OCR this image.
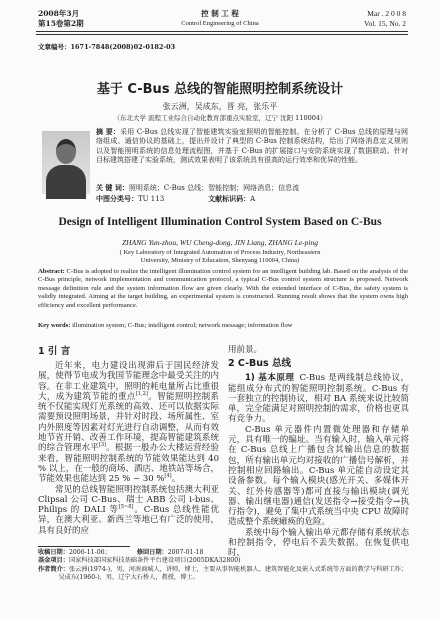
2008年3月
第15卷第2期
控 制 工 程
Control Engineering of China
Mar . 2 0 0 8
Vol. 15, No. 2
文章编号：1671-7848(2008)02-0182-03
基于 C-Bus 总线的智能照明控制系统设计
张云洲，吴成东，晋 亮，张乐平
（东北大学 流程工业综合自动化教育部重点实验室，辽宁 沈阳 110004）
摘 要：采用 C-Bus 总线实现了智能建筑实验室照明的智能控制。在分析了 C-Bus 总线的原理与网络组成、通信协议的基础上，提出并设计了典型的 C-Bus 控制系统结构，给出了网络消息定义规则以及智能照明系统的信息处理流程图，并基于 C-Bus 的扩展接口与安防系统实现了数据联动。针对目标建筑搭建了实验系统，测试效果表明了该系统具有很高的运行效率和优异的性能。
关 键 词：照明系统；C-Bus 总线；智能控制；网络消息；信息流
中图分类号：TU 113	文献标识码：A
Design of Intelligent Illumination Control System Based on C-Bus
ZHANG Yun-zhou, WU Cheng-dong, JIN Liang, ZHANG Le-ping
( Key Laboratory of Integrated Automation of Process Industry, Northeastern
University, Ministry of Education, Shenyang 110004, China)
Abstract: C-Bus is adopted to realize the intelligent illumination control system for an intelligent building lab. Based on the analysis of the C-Bus principle, network implementation and communication protocol, a typical C-Bus control system structure is proposed. Network message definition rule and the system information flow are given clearly. With the extended interface of C-Bus, the safety system is validly integrated. Aiming at the target building, an experimental system is constructed. Running result shows that the system owns high efficiency and excellent performance.
Key words: illumination system; C-Bus; intelligent control; network message; information flow
1 引 言

近年来，电力建设出现滞后于国民经济发展，使得节电成为我国节能理念中最受关注的内容。在非工业建筑中，照明的耗电量所占比重很大，成为建筑节能的重点[1,2]。智能照明控制系统不仅能实现灯光系统的高效、还可以依据实际需要预设照明场景，并针对时段、场所属性、室内外照度等因素对灯光进行自动调整，从而有效地节省开销、改善工作环境，提高智能建筑系统的综合管理水平[3]。根据一般办公大楼运营经验来看，智能照明控制系统的节能效果能达到 40 % 以上，在一般的商场、酒店、地铁站等场合，节能效果也能达到 25 % ~ 30 %[4]。

常见的总线智能照明控制系统包括澳大利亚 Clipsal 公司 C-Bus、瑞士 ABB 公司 i-bus、Philips 的 DALI 等[5~8]。C-Bus 总线性能优异，在澳大利亚、新西兰等地已有广泛的使用，具有良好的应

用前景。

2 C-Bus 总线

1) 基本原理 C-Bus 是两线制总线协议，能组成分布式的智能照明控制系统。C-Bus 有一套独立的控制协议，相对 BA 系统来说比较简单，完全能满足对照明控制的需求，价格也更具有竞争力。

C-Bus 单元器件内置微处理器和存储单元，具有唯一的编址。当有输入时，输入单元将在 C-Bus 总线上广播包含其输出信息的数据包，所有输出单元均对接收的广播信号解析，并控制相应回路输出。C-Bus 单元能自动设定其设备参数。每个输入模块(感光开关、多媒体开关、红外传感器等)都可直接与输出模块(调光器、输出继电器)通信(发送指令→接受指令→执行指令)，避免了集中式系统当中央 CPU 故障时造成整个系统瘫痪的危险。

系统中每个输入输出单元都存储有系统状态和控制指令，停电后不丢失数据。在恢复供电时，

收稿日期：2006-11-06；	修回日期：2007-01-18
基金项目：国家科技部国家科技基础条件平台建设项目(2005DKA32800)
作者简介：张云洲(1974-)，男，河南商城人，讲师，博士，主要从事智能机器人、建筑智能化及嵌入式系统等方面的教学与科研工作；
吴成东(1960-)，男，辽宁大石桥人，教授，博士。
